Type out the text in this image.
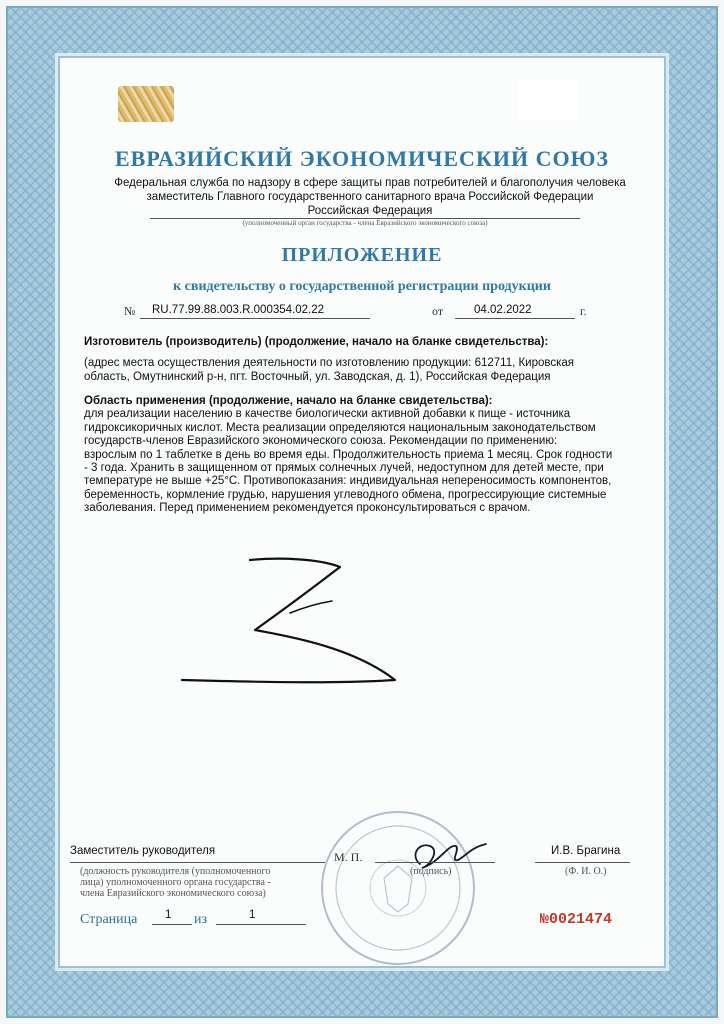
ЕВРАЗИЙСКИЙ ЭКОНОМИЧЕСКИЙ СОЮЗ
Федеральная служба по надзору в сфере защиты прав потребителей и благополучия человека
заместитель Главного государственного санитарного врача Российской Федерации
Российская Федерация
(уполномоченный орган государства - члена Евразийского экономического союза)
ПРИЛОЖЕНИЕ
к свидетельству о государственной регистрации продукции
№ RU.77.99.88.003.R.000354.02.22	от	04.02.2022	г.
Изготовитель (производитель) (продолжение, начало на бланке свидетельства):
(адрес места осуществления деятельности по изготовлению продукции: 612711, Кировская
область, Омутнинский р-н, пгт. Восточный, ул. Заводская, д. 1), Российская Федерация
Область применения (продолжение, начало на бланке свидетельства):
для реализации населению в качестве биологически активной добавки к пище - источника
гидроксикоричных кислот. Места реализации определяются национальным законодательством
государств-членов Евразийского экономического союза. Рекомендации по применению:
взрослым по 1 таблетке в день во время еды. Продолжительность приема 1 месяц. Срок годности
- 3 года. Хранить в защищенном от прямых солнечных лучей, недоступном для детей месте, при
температуре не выше +25°С. Противопоказания: индивидуальная непереносимость компонентов,
беременность, кормление грудью, нарушения углеводного обмена, прогрессирующие системные
заболевания. Перед применением рекомендуется проконсультироваться с врачом.
Заместитель руководителя	М. П.	И.В. Брагина
(должность руководителя (уполномоченного
лица) уполномоченного органа государства -
члена Евразийского экономического союза)
(подпись)	(Ф. И. О.)
Страница 1 из	1	№0021474
